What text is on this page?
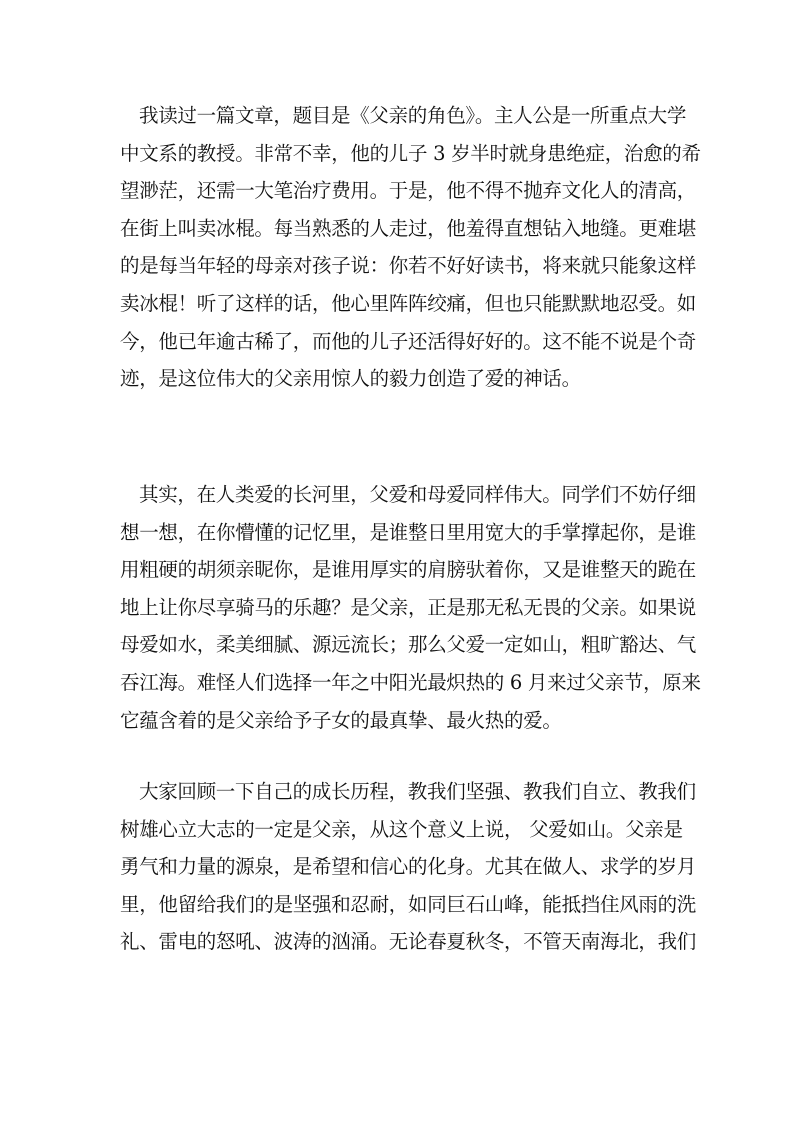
我读过一篇文章，题目是《父亲的角色》。主人公是一所重点大学
中文系的教授。非常不幸，他的儿子 3 岁半时就身患绝症，治愈的希
望渺茫，还需一大笔治疗费用。于是，他不得不抛弃文化人的清高，
在街上叫卖冰棍。每当熟悉的人走过，他羞得直想钻入地缝。更难堪
的是每当年轻的母亲对孩子说：你若不好好读书，将来就只能象这样
卖冰棍！听了这样的话，他心里阵阵绞痛，但也只能默默地忍受。如
今，他已年逾古稀了，而他的儿子还活得好好的。这不能不说是个奇
迹，是这位伟大的父亲用惊人的毅力创造了爱的神话。
其实，在人类爱的长河里，父爱和母爱同样伟大。同学们不妨仔细
想一想，在你懵懂的记忆里，是谁整日里用宽大的手掌撑起你，是谁
用粗硬的胡须亲昵你，是谁用厚实的肩膀驮着你，又是谁整天的跪在
地上让你尽享骑马的乐趣？是父亲，正是那无私无畏的父亲。如果说
母爱如水，柔美细腻、源远流长；那么父爱一定如山，粗旷豁达、气
吞江海。难怪人们选择一年之中阳光最炽热的 6 月来过父亲节，原来
它蕴含着的是父亲给予子女的最真挚、最火热的爱。
大家回顾一下自己的成长历程，教我们坚强、教我们自立、教我们
树雄心立大志的一定是父亲，从这个意义上说， 父爱如山。父亲是
勇气和力量的源泉，是希望和信心的化身。尤其在做人、求学的岁月
里，他留给我们的是坚强和忍耐，如同巨石山峰，能抵挡住风雨的洗
礼、雷电的怒吼、波涛的汹涌。无论春夏秋冬，不管天南海北，我们
